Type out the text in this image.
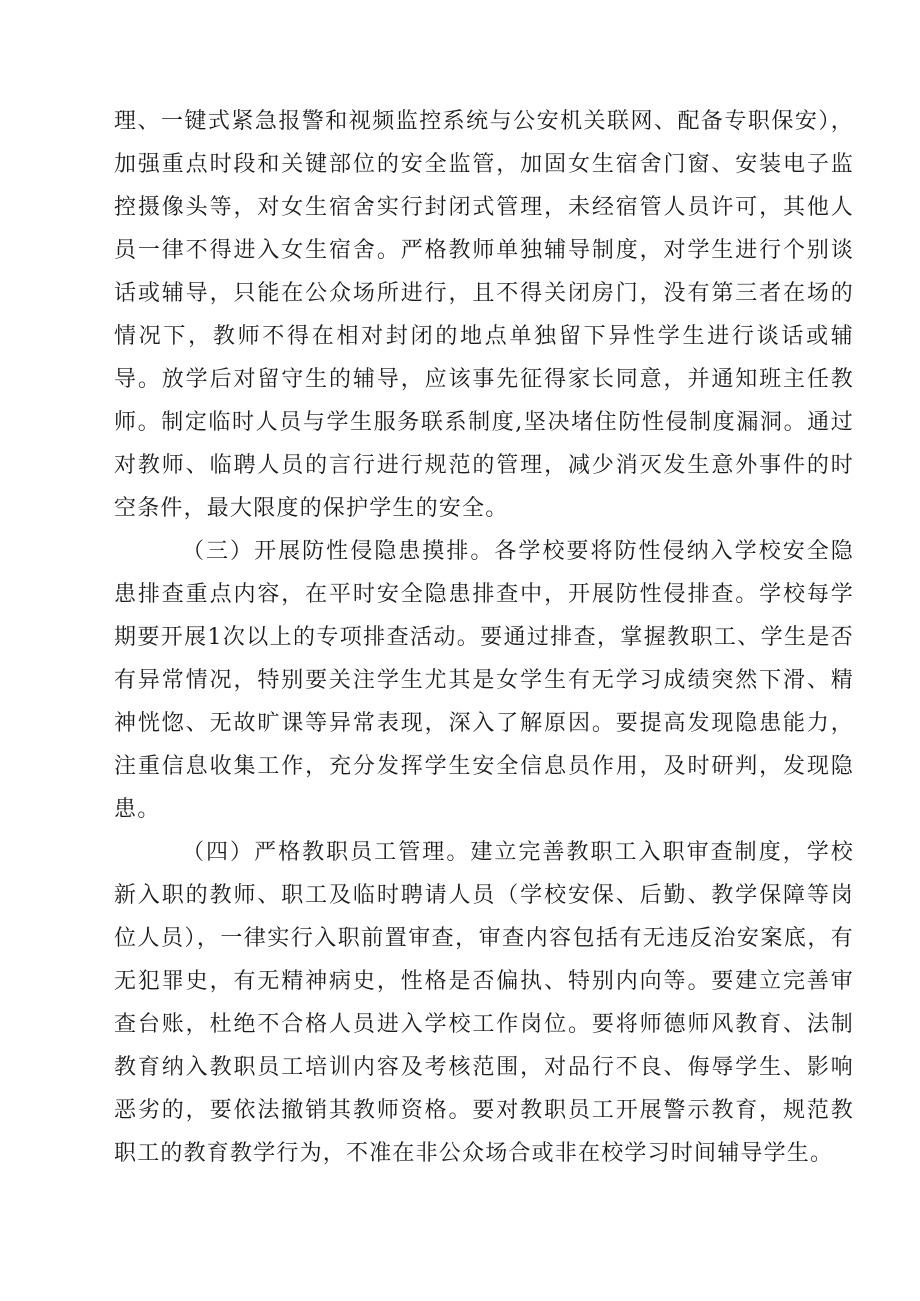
理、一键式紧急报警和视频监控系统与公安机关联网、配备专职保安），加强重点时段和关键部位的安全监管，加固女生宿舍门窗、安装电子监控摄像头等，对女生宿舍实行封闭式管理，未经宿管人员许可，其他人员一律不得进入女生宿舍。严格教师单独辅导制度，对学生进行个别谈话或辅导，只能在公众场所进行，且不得关闭房门，没有第三者在场的情况下，教师不得在相对封闭的地点单独留下异性学生进行谈话或辅导。放学后对留守生的辅导，应该事先征得家长同意，并通知班主任教师。制定临时人员与学生服务联系制度,坚决堵住防性侵制度漏洞。通过对教师、临聘人员的言行进行规范的管理，减少消灭发生意外事件的时空条件，最大限度的保护学生的安全。

（三）开展防性侵隐患摸排。各学校要将防性侵纳入学校安全隐患排查重点内容，在平时安全隐患排查中，开展防性侵排查。学校每学期要开展1次以上的专项排查活动。要通过排查，掌握教职工、学生是否有异常情况，特别要关注学生尤其是女学生有无学习成绩突然下滑、精神恍惚、无故旷课等异常表现，深入了解原因。要提高发现隐患能力，注重信息收集工作，充分发挥学生安全信息员作用，及时研判，发现隐患。

（四）严格教职员工管理。建立完善教职工入职审查制度，学校新入职的教师、职工及临时聘请人员（学校安保、后勤、教学保障等岗位人员），一律实行入职前置审查，审查内容包括有无违反治安案底，有无犯罪史，有无精神病史，性格是否偏执、特别内向等。要建立完善审查台账，杜绝不合格人员进入学校工作岗位。要将师德师风教育、法制教育纳入教职员工培训内容及考核范围，对品行不良、侮辱学生、影响恶劣的，要依法撤销其教师资格。要对教职员工开展警示教育，规范教职工的教育教学行为，不准在非公众场合或非在校学习时间辅导学生。
